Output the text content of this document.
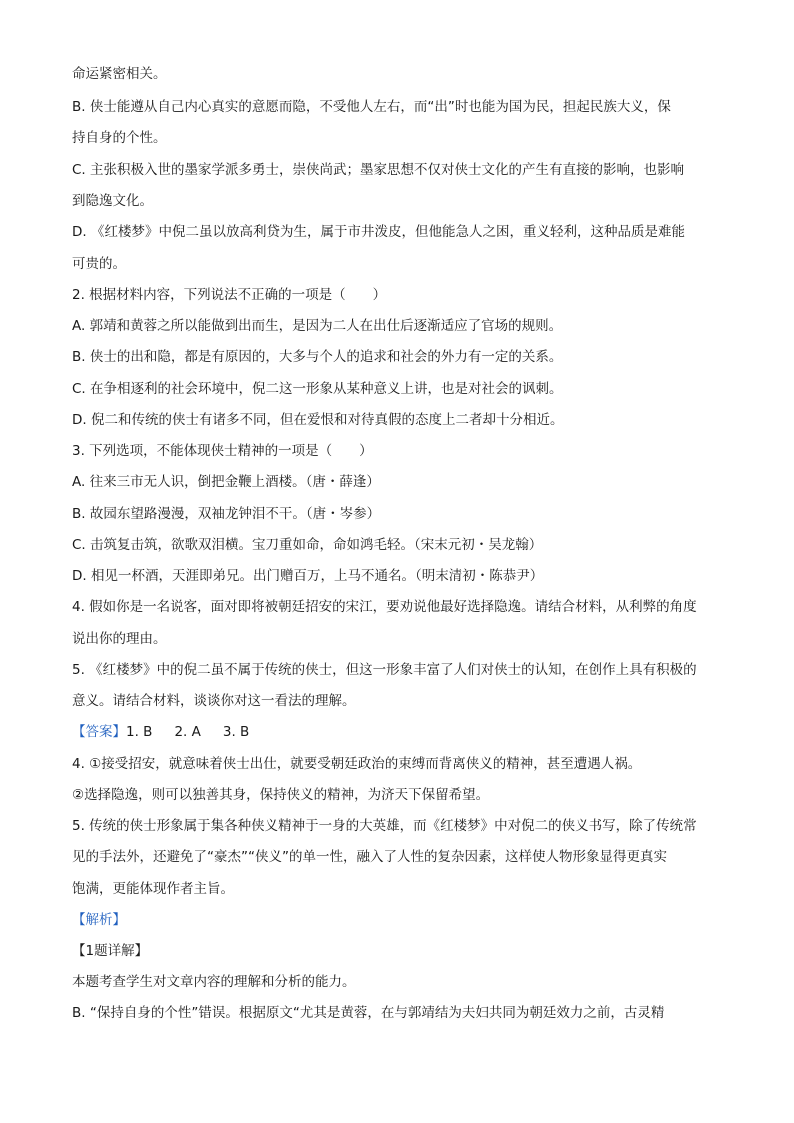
命运紧密相关。
B. 侠士能遵从自己内心真实的意愿而隐，不受他人左右，而“出”时也能为国为民，担起民族大义，保
持自身的个性。
C. 主张积极入世的墨家学派多勇士，崇侠尚武；墨家思想不仅对侠士文化的产生有直接的影响，也影响
到隐逸文化。
D. 《红楼梦》中倪二虽以放高利贷为生，属于市井泼皮，但他能急人之困，重义轻利，这种品质是难能
可贵的。
2. 根据材料内容，下列说法不正确的一项是（　　）
A. 郭靖和黄蓉之所以能做到出而生，是因为二人在出仕后逐渐适应了官场的规则。
B. 侠士的出和隐，都是有原因的，大多与个人的追求和社会的外力有一定的关系。
C. 在争相逐利的社会环境中，倪二这一形象从某种意义上讲，也是对社会的讽刺。
D. 倪二和传统的侠士有诸多不同，但在爱恨和对待真假的态度上二者却十分相近。
3. 下列选项，不能体现侠士精神的一项是（　　）
A. 往来三市无人识，倒把金鞭上酒楼。（唐・薛逢）
B. 故园东望路漫漫，双袖龙钟泪不干。（唐・岑参）
C. 击筑复击筑，欲歌双泪横。宝刀重如命，命如鸿毛轻。（宋末元初・吴龙翰）
D. 相见一杯酒，天涯即弟兄。出门赠百万，上马不通名。（明末清初・陈恭尹）
4. 假如你是一名说客，面对即将被朝廷招安的宋江，要劝说他最好选择隐逸。请结合材料，从利弊的角度
说出你的理由。
5. 《红楼梦》中的倪二虽不属于传统的侠士，但这一形象丰富了人们对侠士的认知，在创作上具有积极的
意义。请结合材料，谈谈你对这一看法的理解。
【答案】1. B 2. A 3. B
4. ①接受招安，就意味着侠士出仕，就要受朝廷政治的束缚而背离侠义的精神，甚至遭遇人祸。
②选择隐逸，则可以独善其身，保持侠义的精神，为济天下保留希望。
5. 传统的侠士形象属于集各种侠义精神于一身的大英雄，而《红楼梦》中对倪二的侠义书写，除了传统常
见的手法外，还避免了“豪杰”“侠义”的单一性，融入了人性的复杂因素，这样使人物形象显得更真实
饱满，更能体现作者主旨。
【解析】
【1题详解】
本题考查学生对文章内容的理解和分析的能力。
B. “保持自身的个性”错误。根据原文“尤其是黄蓉，在与郭靖结为夫妇共同为朝廷效力之前，古灵精
